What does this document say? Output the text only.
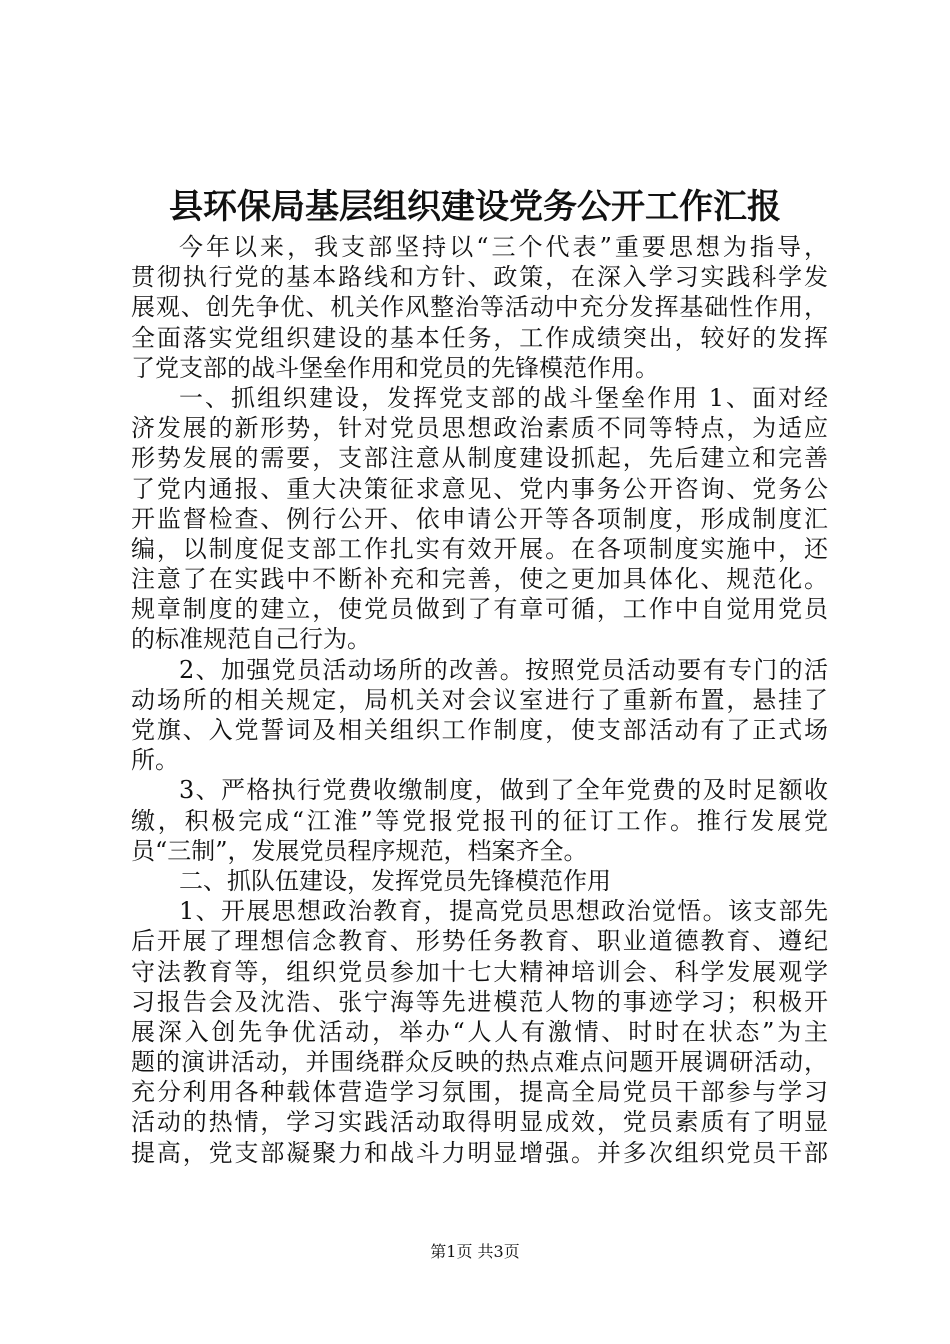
县环保局基层组织建设党务公开工作汇报
今年以来，我支部坚持以“三个代表”重要思想为指导，
贯彻执行党的基本路线和方针、政策，在深入学习实践科学发
展观、创先争优、机关作风整治等活动中充分发挥基础性作用，
全面落实党组织建设的基本任务，工作成绩突出，较好的发挥
了党支部的战斗堡垒作用和党员的先锋模范作用。
一、抓组织建设，发挥党支部的战斗堡垒作用 1、面对经
济发展的新形势，针对党员思想政治素质不同等特点，为适应
形势发展的需要，支部注意从制度建设抓起，先后建立和完善
了党内通报、重大决策征求意见、党内事务公开咨询、党务公
开监督检查、例行公开、依申请公开等各项制度，形成制度汇
编，以制度促支部工作扎实有效开展。在各项制度实施中，还
注意了在实践中不断补充和完善，使之更加具体化、规范化。
规章制度的建立，使党员做到了有章可循，工作中自觉用党员
的标准规范自己行为。
2、加强党员活动场所的改善。按照党员活动要有专门的活
动场所的相关规定，局机关对会议室进行了重新布置，悬挂了
党旗、入党誓词及相关组织工作制度，使支部活动有了正式场
所。
3、严格执行党费收缴制度，做到了全年党费的及时足额收
缴，积极完成“江淮”等党报党报刊的征订工作。推行发展党
员“三制”，发展党员程序规范，档案齐全。
二、抓队伍建设，发挥党员先锋模范作用
1、开展思想政治教育，提高党员思想政治觉悟。该支部先
后开展了理想信念教育、形势任务教育、职业道德教育、遵纪
守法教育等，组织党员参加十七大精神培训会、科学发展观学
习报告会及沈浩、张宁海等先进模范人物的事迹学习；积极开
展深入创先争优活动，举办“人人有激情、时时在状态”为主
题的演讲活动，并围绕群众反映的热点难点问题开展调研活动，
充分利用各种载体营造学习氛围，提高全局党员干部参与学习
活动的热情，学习实践活动取得明显成效，党员素质有了明显
提高，党支部凝聚力和战斗力明显增强。并多次组织党员干部
第1页 共3页
